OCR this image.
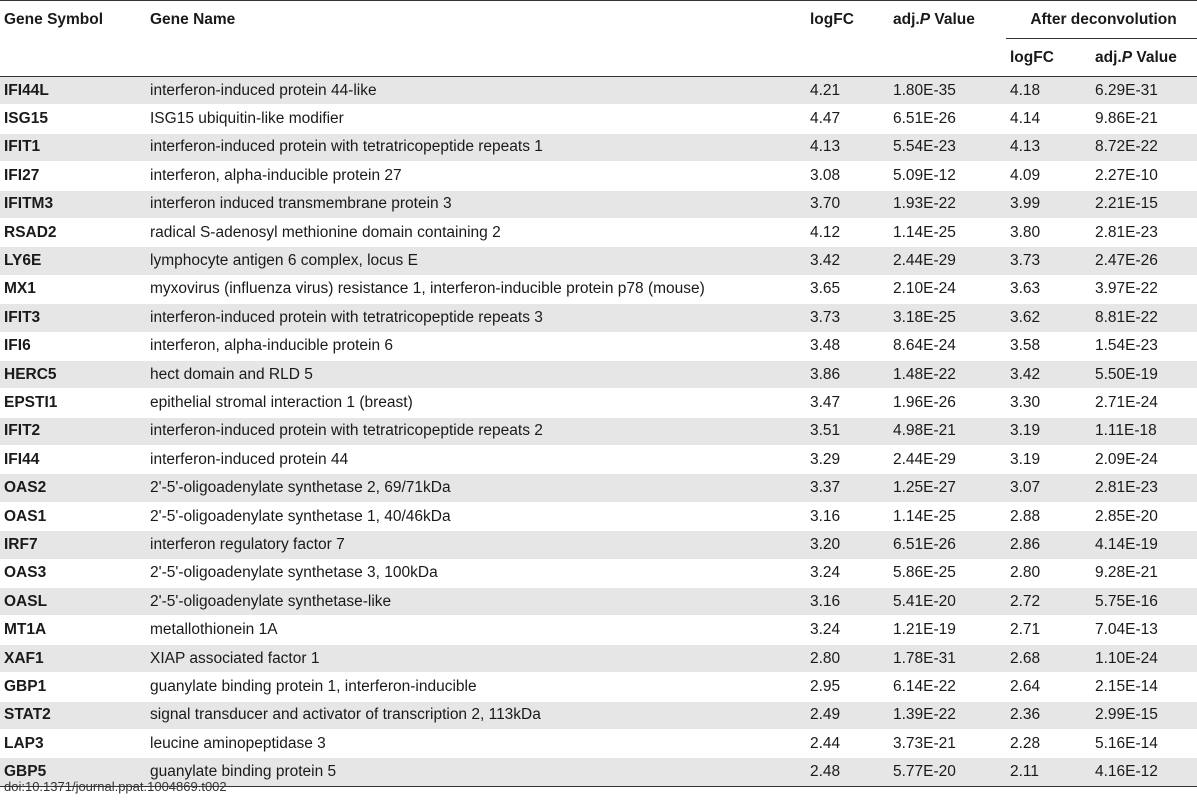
Gene Symbol	Gene Name	logFC	adj.P Value	After deconvolution	
				logFC	adj.P Value
IFI44L	interferon-induced protein 44-like	4.21	1.80E-35	4.18	6.29E-31
ISG15	ISG15 ubiquitin-like modifier	4.47	6.51E-26	4.14	9.86E-21
IFIT1	interferon-induced protein with tetratricopeptide repeats 1	4.13	5.54E-23	4.13	8.72E-22
IFI27	interferon, alpha-inducible protein 27	3.08	5.09E-12	4.09	2.27E-10
IFITM3	interferon induced transmembrane protein 3	3.70	1.93E-22	3.99	2.21E-15
RSAD2	radical S-adenosyl methionine domain containing 2	4.12	1.14E-25	3.80	2.81E-23
LY6E	lymphocyte antigen 6 complex, locus E	3.42	2.44E-29	3.73	2.47E-26
MX1	myxovirus (influenza virus) resistance 1, interferon-inducible protein p78 (mouse)	3.65	2.10E-24	3.63	3.97E-22
IFIT3	interferon-induced protein with tetratricopeptide repeats 3	3.73	3.18E-25	3.62	8.81E-22
IFI6	interferon, alpha-inducible protein 6	3.48	8.64E-24	3.58	1.54E-23
HERC5	hect domain and RLD 5	3.86	1.48E-22	3.42	5.50E-19
EPSTI1	epithelial stromal interaction 1 (breast)	3.47	1.96E-26	3.30	2.71E-24
IFIT2	interferon-induced protein with tetratricopeptide repeats 2	3.51	4.98E-21	3.19	1.11E-18
IFI44	interferon-induced protein 44	3.29	2.44E-29	3.19	2.09E-24
OAS2	2'-5'-oligoadenylate synthetase 2, 69/71kDa	3.37	1.25E-27	3.07	2.81E-23
OAS1	2'-5'-oligoadenylate synthetase 1, 40/46kDa	3.16	1.14E-25	2.88	2.85E-20
IRF7	interferon regulatory factor 7	3.20	6.51E-26	2.86	4.14E-19
OAS3	2'-5'-oligoadenylate synthetase 3, 100kDa	3.24	5.86E-25	2.80	9.28E-21
OASL	2'-5'-oligoadenylate synthetase-like	3.16	5.41E-20	2.72	5.75E-16
MT1A	metallothionein 1A	3.24	1.21E-19	2.71	7.04E-13
XAF1	XIAP associated factor 1	2.80	1.78E-31	2.68	1.10E-24
GBP1	guanylate binding protein 1, interferon-inducible	2.95	6.14E-22	2.64	2.15E-14
STAT2	signal transducer and activator of transcription 2, 113kDa	2.49	1.39E-22	2.36	2.99E-15
LAP3	leucine aminopeptidase 3	2.44	3.73E-21	2.28	5.16E-14
GBP5	guanylate binding protein 5	2.48	5.77E-20	2.11	4.16E-12
doi:10.1371/journal.ppat.1004869.t002
